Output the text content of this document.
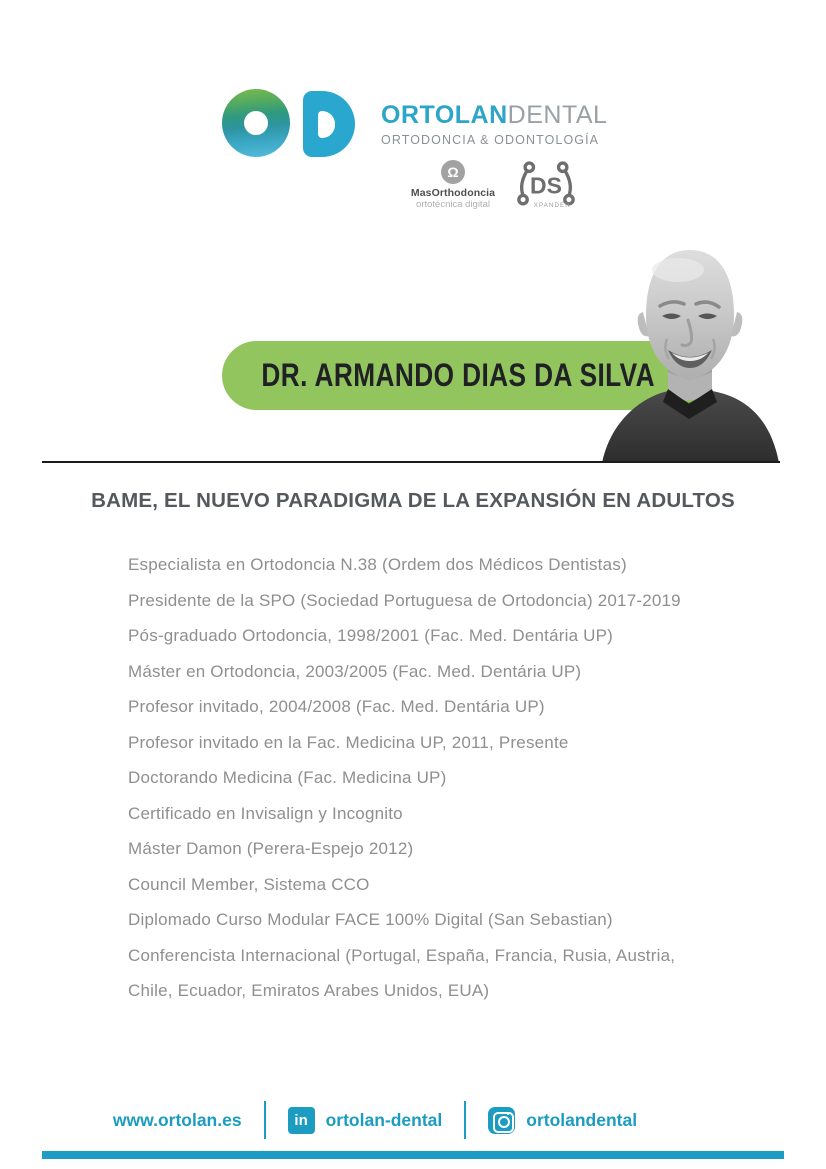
ORTOLANDENTAL
ORTODONCIA & ODONTOLOGÍA
Ω
MasOrthodoncia
ortotécnica digital
DS
XPANDER
DR. ARMANDO DIAS DA SILVA
BAME, EL NUEVO PARADIGMA DE LA EXPANSIÓN EN ADULTOS
Especialista en Ortodoncia N.38 (Ordem dos Médicos Dentistas)
Presidente de la SPO (Sociedad Portuguesa de Ortodoncia) 2017-2019
Pós-graduado Ortodoncia, 1998/2001 (Fac. Med. Dentária UP)
Máster en Ortodoncia, 2003/2005 (Fac. Med. Dentária UP)
Profesor invitado, 2004/2008 (Fac. Med. Dentária UP)
Profesor invitado en la Fac. Medicina UP, 2011, Presente
Doctorando Medicina (Fac. Medicina UP)
Certificado en Invisalign y Incognito
Máster Damon (Perera-Espejo 2012)
Council Member, Sistema CCO
Diplomado Curso Modular FACE 100% Digital (San Sebastian)
Conferencista Internacional (Portugal, España, Francia, Rusia, Austria, Chile, Ecuador, Emiratos Arabes Unidos, EUA)
www.ortolan.es	in	ortolan-dental	ortolandental
